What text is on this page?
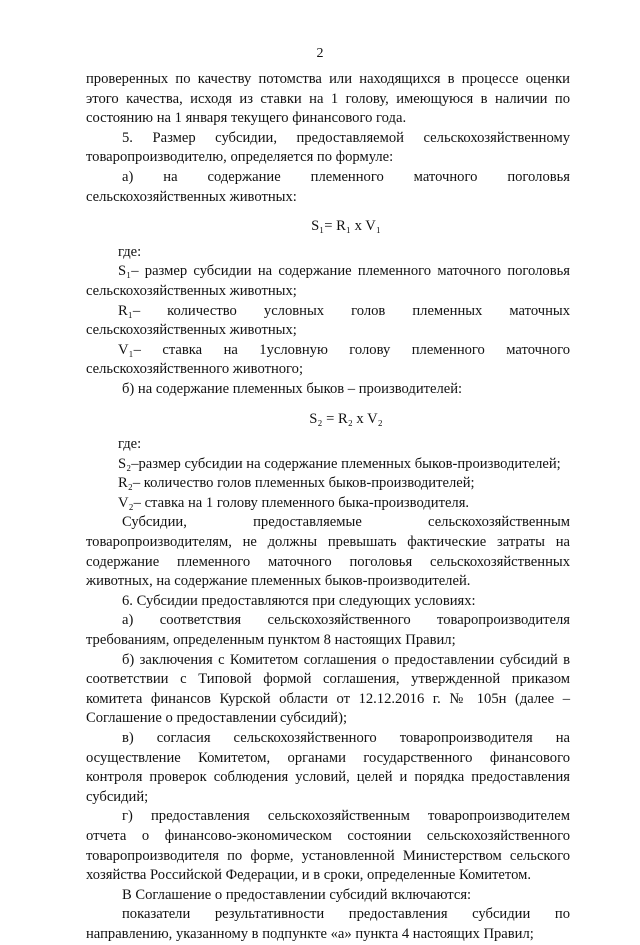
2

проверенных по качеству потомства или находящихся в процессе оценки этого качества, исходя из ставки на 1 голову, имеющуюся в наличии по состоянию на 1 января текущего финансового года.

5. Размер субсидии, предоставляемой сельскохозяйственному товаропроизводителю, определяется по формуле:

а) на содержание племенного маточного поголовья сельскохозяйственных животных:

S₁= R₁ x V₁

где:

S₁– размер субсидии на содержание племенного маточного поголовья сельскохозяйственных животных;

R₁– количество условных голов племенных маточных сельскохозяйственных животных;

V₁– ставка на 1условную голову племенного маточного сельскохозяйственного животного;

б) на содержание племенных быков – производителей:

S₂ = R₂ x V₂

где:

S₂–размер субсидии на содержание племенных быков-производителей;

R₂– количество голов племенных быков-производителей;

V₂– ставка на 1 голову племенного быка-производителя.

Субсидии, предоставляемые сельскохозяйственным товаропроизводителям, не должны превышать фактические затраты на содержание племенного маточного поголовья сельскохозяйственных животных, на содержание племенных быков-производителей.

6. Субсидии предоставляются при следующих условиях:

а) соответствия сельскохозяйственного товаропроизводителя требованиям, определенным пунктом 8 настоящих Правил;

б) заключения с Комитетом соглашения о предоставлении субсидий в соответствии с Типовой формой соглашения, утвержденной приказом комитета финансов Курской области от 12.12.2016 г. № 105н (далее – Соглашение о предоставлении субсидий);

в) согласия сельскохозяйственного товаропроизводителя на осуществление Комитетом, органами государственного финансового контроля проверок соблюдения условий, целей и порядка предоставления субсидий;

г) предоставления сельскохозяйственным товаропроизводителем отчета о финансово-экономическом состоянии сельскохозяйственного товаропроизводителя по форме, установленной Министерством сельского хозяйства Российской Федерации, и в сроки, определенные Комитетом.

В Соглашение о предоставлении субсидий включаются:

показатели результативности предоставления субсидии по направлению, указанному в подпункте «а» пункта 4 настоящих Правил;
